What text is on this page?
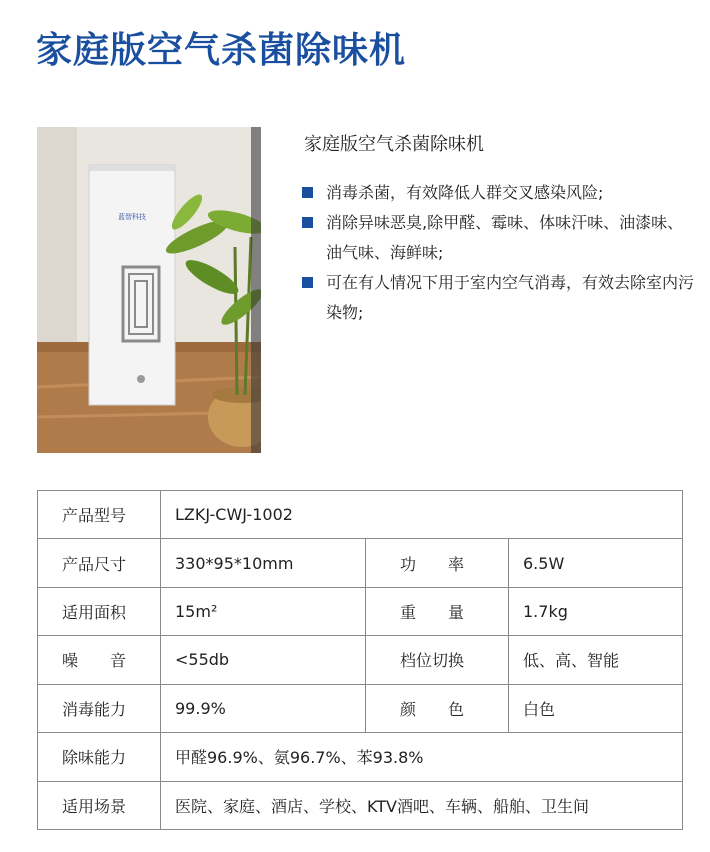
家庭版空气杀菌除味机
蓝智科技
家庭版空气杀菌除味机
消毒杀菌，有效降低人群交叉感染风险;
消除异味恶臭,除甲醛、霉味、体味汗味、油漆味、油气味、海鲜味;
可在有人情况下用于室内空气消毒，有效去除室内污染物;
产品型号	LZKJ-CWJ-1002		
产品尺寸	330*95*10mm	功　　率	6.5W
适用面积	15m²	重　　量	1.7kg
噪　　音	<55db	档位切换	低、高、智能
消毒能力	99.9%	颜　　色	白色
除味能力	甲醛96.9%、氨96.7%、苯93.8%		
适用场景	医院、家庭、酒店、学校、KTV酒吧、车辆、船舶、卫生间		
